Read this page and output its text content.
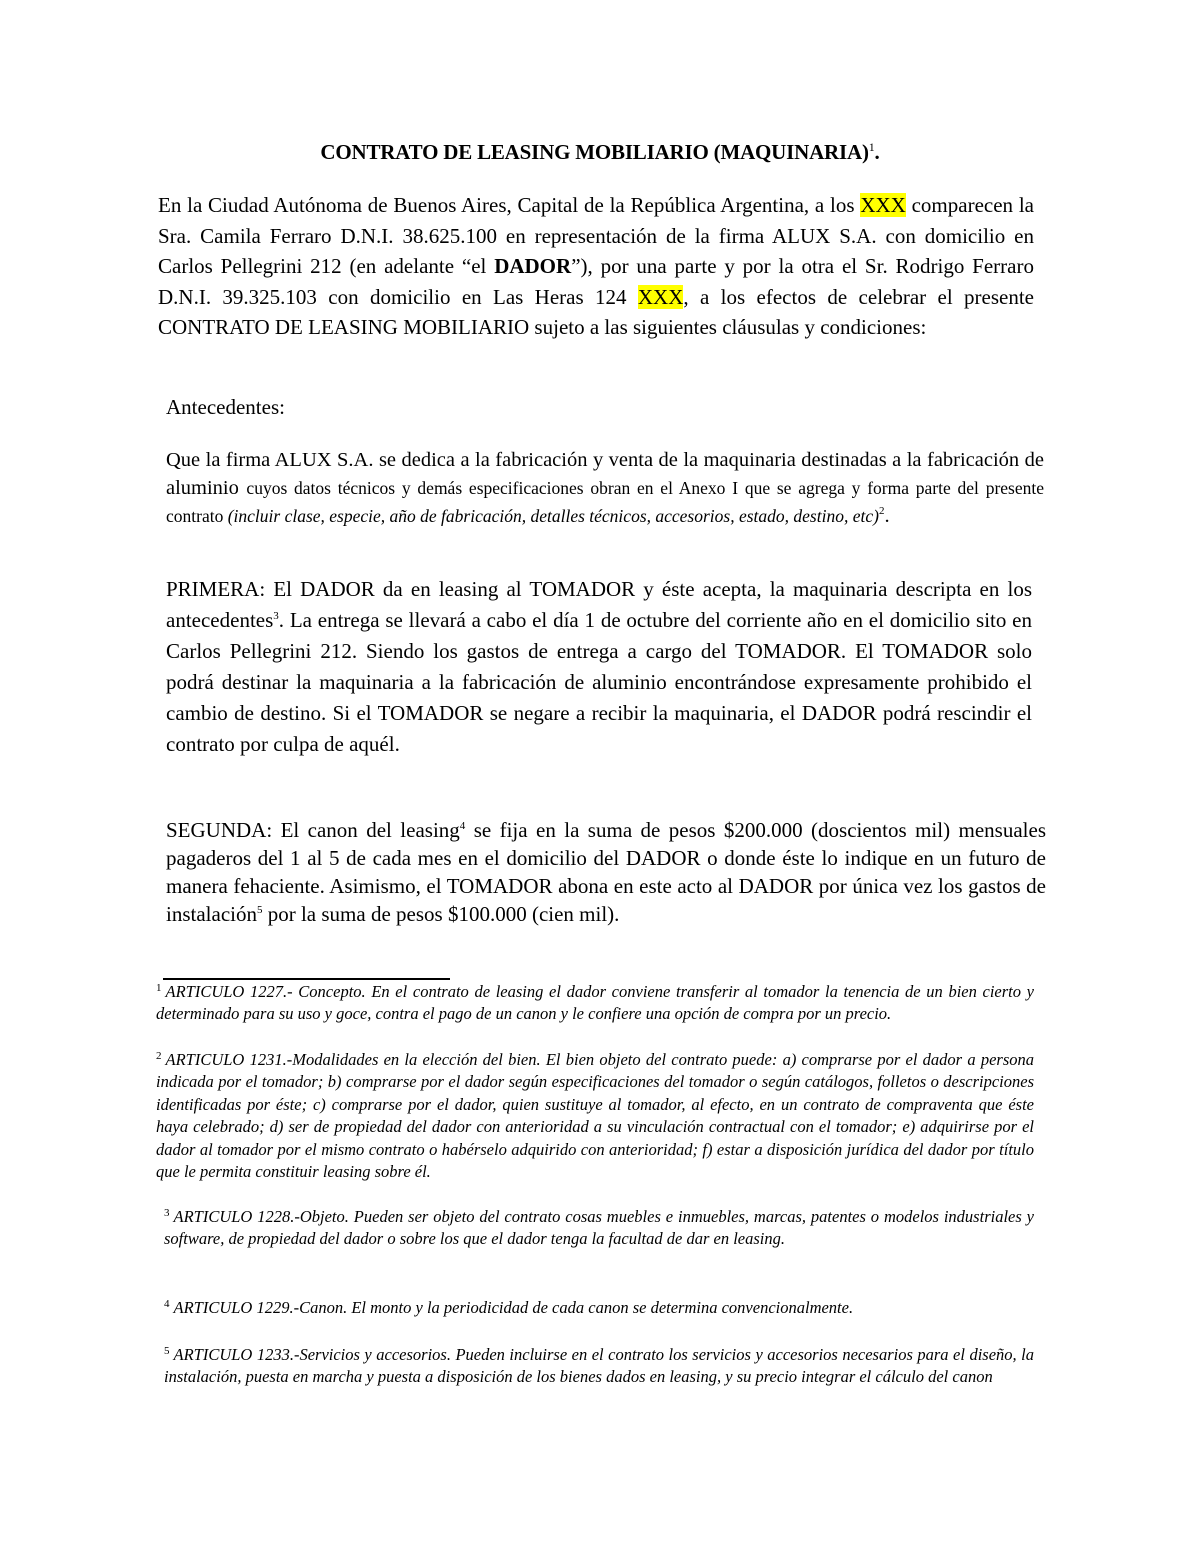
CONTRATO DE LEASING MOBILIARIO (MAQUINARIA)$^1$.
En la Ciudad Autónoma de Buenos Aires, Capital de la República Argentina, a los XXX comparecen la Sra. Camila Ferraro D.N.I. 38.625.100 en representación de la firma ALUX S.A. con domicilio en Carlos Pellegrini 212 (en adelante “el DADOR”), por una parte y por la otra el Sr. Rodrigo Ferraro D.N.I. 39.325.103 con domicilio en Las Heras 124 XXX, a los efectos de celebrar el presente CONTRATO DE LEASING MOBILIARIO sujeto a las siguientes cláusulas y condiciones:
Antecedentes:
Que la firma ALUX S.A. se dedica a la fabricación y venta de la maquinaria destinadas a la fabricación de aluminio cuyos datos técnicos y demás especificaciones obran en el Anexo I que se agrega y forma parte del presente contrato (incluir clase, especie, año de fabricación, detalles técnicos, accesorios, estado, destino, etc)$^2$.
PRIMERA: El DADOR da en leasing al TOMADOR y éste acepta, la maquinaria descripta en los antecedentes$^3$. La entrega se llevará a cabo el día 1 de octubre del corriente año en el domicilio sito en Carlos Pellegrini 212. Siendo los gastos de entrega a cargo del TOMADOR. El TOMADOR solo podrá destinar la maquinaria a la fabricación de aluminio encontrándose expresamente prohibido el cambio de destino. Si el TOMADOR se negare a recibir la maquinaria, el DADOR podrá rescindir el contrato por culpa de aquél.
SEGUNDA: El canon del leasing$^4$ se fija en la suma de pesos $200.000 (doscientos mil) mensuales pagaderos del 1 al 5 de cada mes en el domicilio del DADOR o donde éste lo indique en un futuro de manera fehaciente. Asimismo, el TOMADOR abona en este acto al DADOR por única vez los gastos de instalación$^5$ por la suma de pesos $100.000 (cien mil).
$^1$ ARTICULO 1227.- Concepto. En el contrato de leasing el dador conviene transferir al tomador la tenencia de un bien cierto y determinado para su uso y goce, contra el pago de un canon y le confiere una opción de compra por un precio.
$^2$ ARTICULO 1231.-Modalidades en la elección del bien. El bien objeto del contrato puede: a) comprarse por el dador a persona indicada por el tomador; b) comprarse por el dador según especificaciones del tomador o según catálogos, folletos o descripciones identificadas por éste; c) comprarse por el dador, quien sustituye al tomador, al efecto, en un contrato de compraventa que éste haya celebrado; d) ser de propiedad del dador con anterioridad a su vinculación contractual con el tomador; e) adquirirse por el dador al tomador por el mismo contrato o habérselo adquirido con anterioridad; f) estar a disposición jurídica del dador por título que le permita constituir leasing sobre él.
$^3$ ARTICULO 1228.-Objeto. Pueden ser objeto del contrato cosas muebles e inmuebles, marcas, patentes o modelos industriales y software, de propiedad del dador o sobre los que el dador tenga la facultad de dar en leasing.
$^4$ ARTICULO 1229.-Canon. El monto y la periodicidad de cada canon se determina convencionalmente.
$^5$ ARTICULO 1233.-Servicios y accesorios. Pueden incluirse en el contrato los servicios y accesorios necesarios para el diseño, la instalación, puesta en marcha y puesta a disposición de los bienes dados en leasing, y su precio integrar el cálculo del canon
